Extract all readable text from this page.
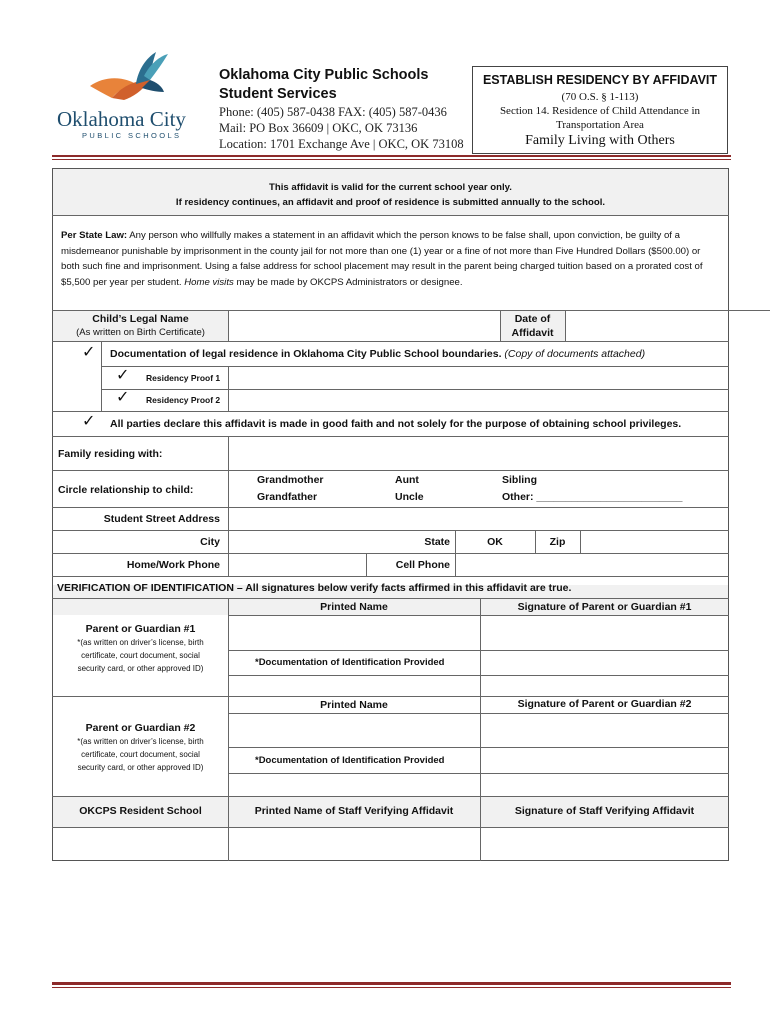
Oklahoma City
PUBLIC SCHOOLS
Oklahoma City Public Schools
Student Services
Phone: (405) 587-0438 FAX: (405) 587-0436
Mail: PO Box 36609 | OKC, OK 73136
Location: 1701 Exchange Ave | OKC, OK 73108
ESTABLISH RESIDENCY BY AFFIDAVIT
(70 O.S. § 1-113)
Section 14. Residence of Child Attendance in
Transportation Area
Family Living with Others
This affidavit is valid for the current school year only.
If residency continues, an affidavit and proof of residence is submitted annually to the school.
Per State Law: Any person who willfully makes a statement in an affidavit which the person knows to be false shall, upon conviction, be guilty of a misdemeanor punishable by imprisonment in the county jail for not more than one (1) year or a fine of not more than Five Hundred Dollars ($500.00) or both such fine and imprisonment. Using a false address for school placement may result in the parent being charged tuition based on a prorated cost of $5,500 per year per student. Home visits may be made by OKCPS Administrators or designee.
Child’s Legal Name
(As written on Birth Certificate)
Date of
Affidavit
✓ Documentation of legal residence in Oklahoma City Public School boundaries. (Copy of documents attached)
✓ Residency Proof 1
✓ Residency Proof 2
✓ All parties declare this affidavit is made in good faith and not solely for the purpose of obtaining school privileges.
Family residing with:
Circle relationship to child:
Grandmother
Grandfather
Aunt
Uncle
Sibling
Other: _________________________
Student Street Address
City	State	OK	Zip
Home/Work Phone	Cell Phone
VERIFICATION OF IDENTIFICATION – All signatures below verify facts affirmed in this affidavit are true.
Printed Name	Signature of Parent or Guardian #1
Parent or Guardian #1
*(as written on driver’s license, birth
certificate, court document, social
security card, or other approved ID)
*Documentation of Identification Provided
Printed Name	Signature of Parent or Guardian #2
Parent or Guardian #2
*(as written on driver’s license, birth
certificate, court document, social
security card, or other approved ID)
*Documentation of Identification Provided
OKCPS Resident School	Printed Name of Staff Verifying Affidavit	Signature of Staff Verifying Affidavit
